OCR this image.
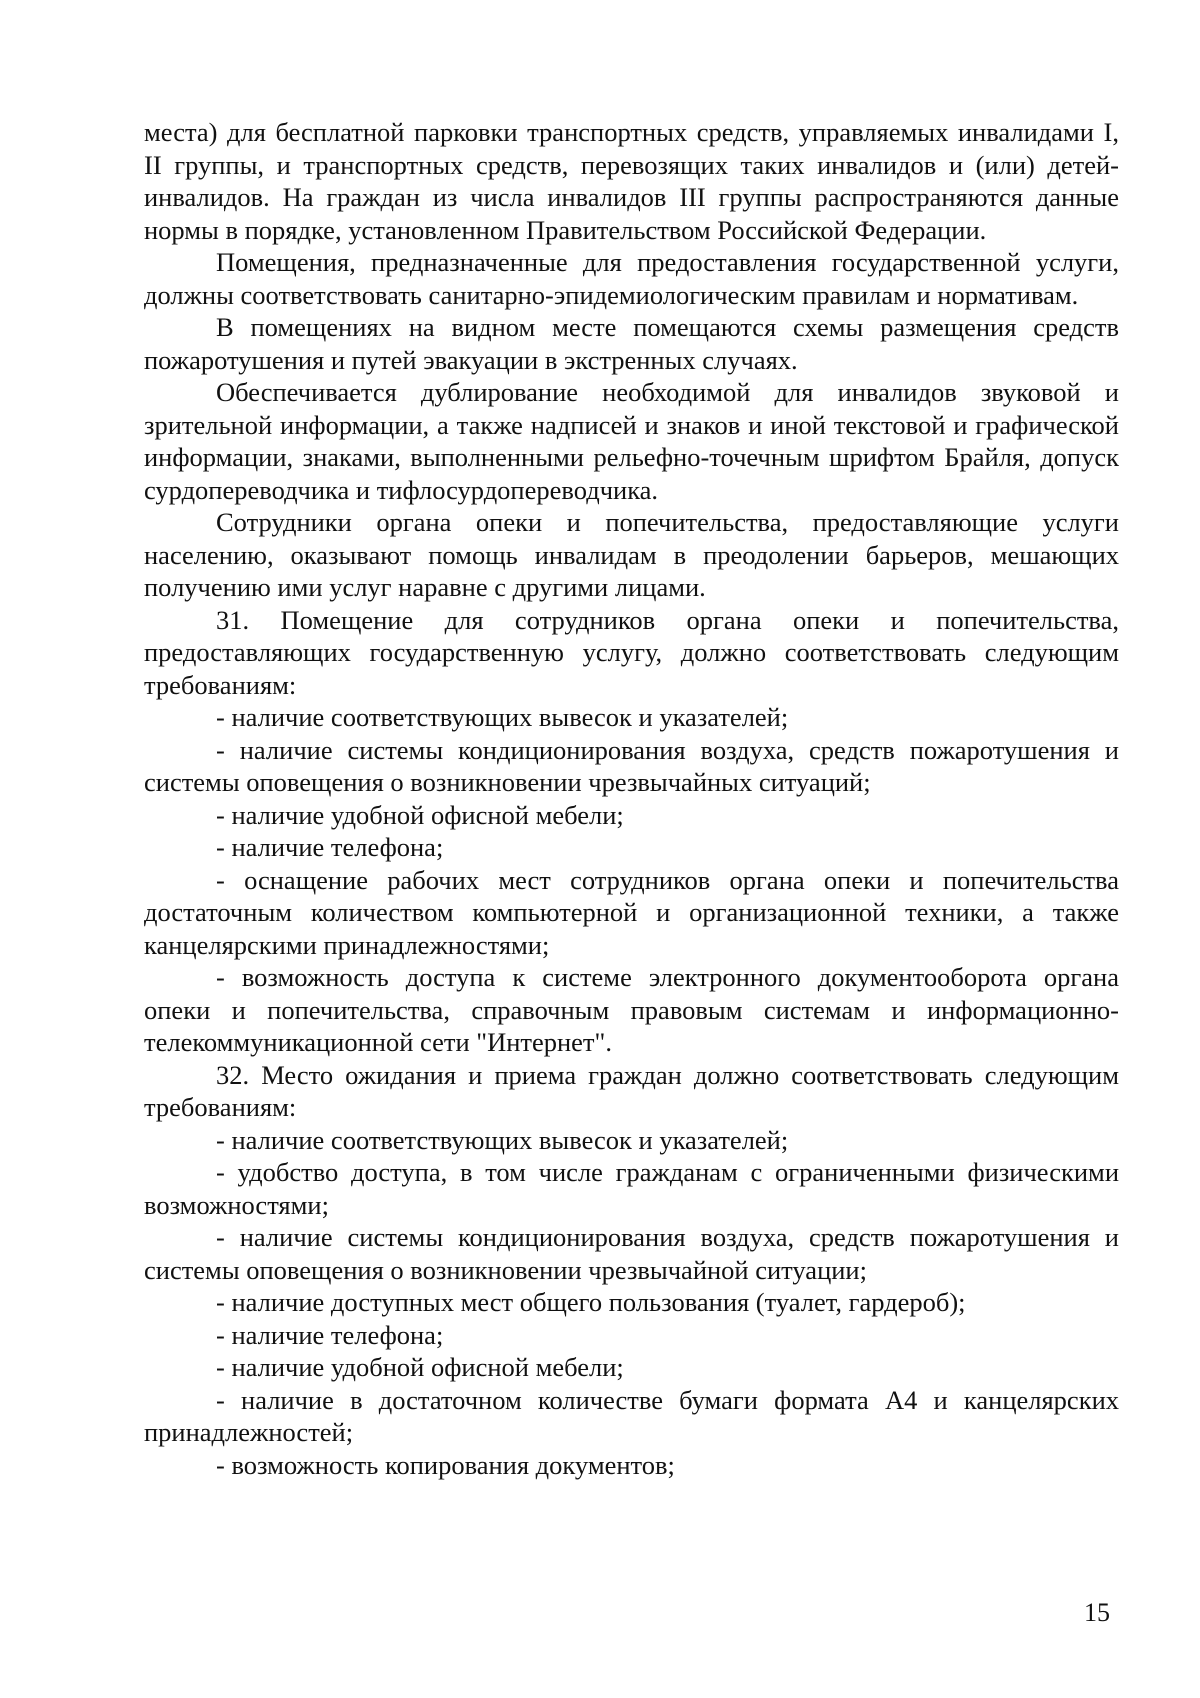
места) для бесплатной парковки транспортных средств, управляемых инвалидами I, II группы, и транспортных средств, перевозящих таких инвалидов и (или) детей-инвалидов. На граждан из числа инвалидов III группы распространяются данные нормы в порядке, установленном Правительством Российской Федерации.

Помещения, предназначенные для предоставления государственной услуги, должны соответствовать санитарно-эпидемиологическим правилам и нормативам.

В помещениях на видном месте помещаются схемы размещения средств пожаротушения и путей эвакуации в экстренных случаях.

Обеспечивается дублирование необходимой для инвалидов звуковой и зрительной информации, а также надписей и знаков и иной текстовой и графической информации, знаками, выполненными рельефно-точечным шрифтом Брайля, допуск сурдопереводчика и тифлосурдопереводчика.

Сотрудники органа опеки и попечительства, предоставляющие услуги населению, оказывают помощь инвалидам в преодолении барьеров, мешающих получению ими услуг наравне с другими лицами.

31. Помещение для сотрудников органа опеки и попечительства, предоставляющих государственную услугу, должно соответствовать следующим требованиям:

- наличие соответствующих вывесок и указателей;

- наличие системы кондиционирования воздуха, средств пожаротушения и системы оповещения о возникновении чрезвычайных ситуаций;

- наличие удобной офисной мебели;

- наличие телефона;

- оснащение рабочих мест сотрудников органа опеки и попечительства достаточным количеством компьютерной и организационной техники, а также канцелярскими принадлежностями;

- возможность доступа к системе электронного документооборота органа опеки и попечительства, справочным правовым системам и информационно-телекоммуникационной сети "Интернет".

32. Место ожидания и приема граждан должно соответствовать следующим требованиям:

- наличие соответствующих вывесок и указателей;

- удобство доступа, в том числе гражданам с ограниченными физическими возможностями;

- наличие системы кондиционирования воздуха, средств пожаротушения и системы оповещения о возникновении чрезвычайной ситуации;

- наличие доступных мест общего пользования (туалет, гардероб);

- наличие телефона;

- наличие удобной офисной мебели;

- наличие в достаточном количестве бумаги формата А4 и канцелярских принадлежностей;

- возможность копирования документов;

15
